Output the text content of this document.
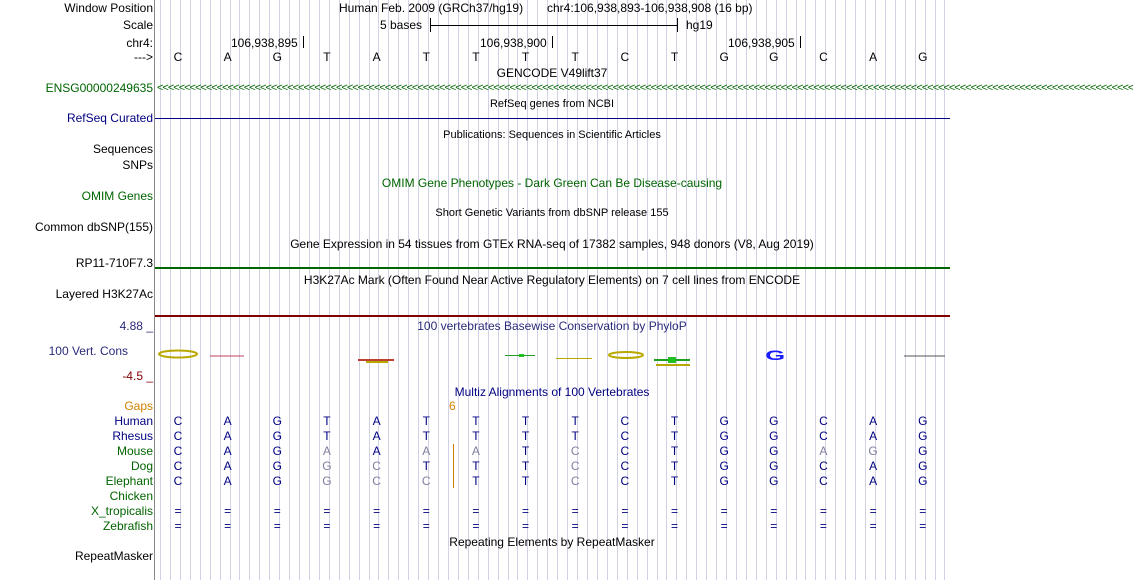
Window Position	Human Feb. 2009 (GRCh37/hg19) chr4:106,938,893-106,938,908 (16 bp)
Scale	5 bases	hg19
chr4:	106,938,895	106,938,900	106,938,905
--->	C	A	G	T	A	T	T	T	T	C	T	G	G	C	A	G
GENCODE V49lift37
ENSG00000249635 <<<<<<<<<<<<<<<<<<<<<<<<<<<<<<<<<<<<<<<<<<<<<<<<<<<<<<<<<<<<<<<<<<<<<<<<<<<<<<<<<<<<<<<<<<<<<<<<<<<<<<<<<<<<<<<<<<<<<<<<<<<<<<<<<<<<<<<<<<<<<<<<<<<<<<<<<<<<<<<<<<<<<<<<<<<<<<<<<<<<
RefSeq genes from NCBI
RefSeq Curated
Publications: Sequences in Scientific Articles
Sequences
SNPs
OMIM Gene Phenotypes - Dark Green Can Be Disease-causing
OMIM Genes
Short Genetic Variants from dbSNP release 155
Common dbSNP(155)
Gene Expression in 54 tissues from GTEx RNA-seq of 17382 samples, 948 donors (V8, Aug 2019)
RP11-710F7.3
H3K27Ac Mark (Often Found Near Active Regulatory Elements) on 7 cell lines from ENCODE
Layered H3K27Ac
100 vertebrates Basewise Conservation by PhyloP
4.88 _
100 Vert. Cons
-4.5 _
G
Multiz Alignments of 100 Vertebrates
Gaps	6
Human	C	A	G	T	A	T	T	T	T	C	T	G	G	C	A	G
Rhesus	C	A	G	T	A	T	T	T	T	C	T	G	G	C	A	G
Mouse	C	A	G	A	A	A	A	T	C	C	T	G	G	A	G	G
Dog	C	A	G	G	C	T	T	T	C	C	T	G	G	C	A	G
Elephant	C	A	G	G	C	C	T	T	C	C	T	G	G	C	A	G
Chicken
X_tropicalis	=	=	=	=	=	=	=	=	=	=	=	=	=	=	=	=
Zebrafish	=	=	=	=	=	=	=	=	=	=	=	=	=	=	=	=
Repeating Elements by RepeatMasker
RepeatMasker
